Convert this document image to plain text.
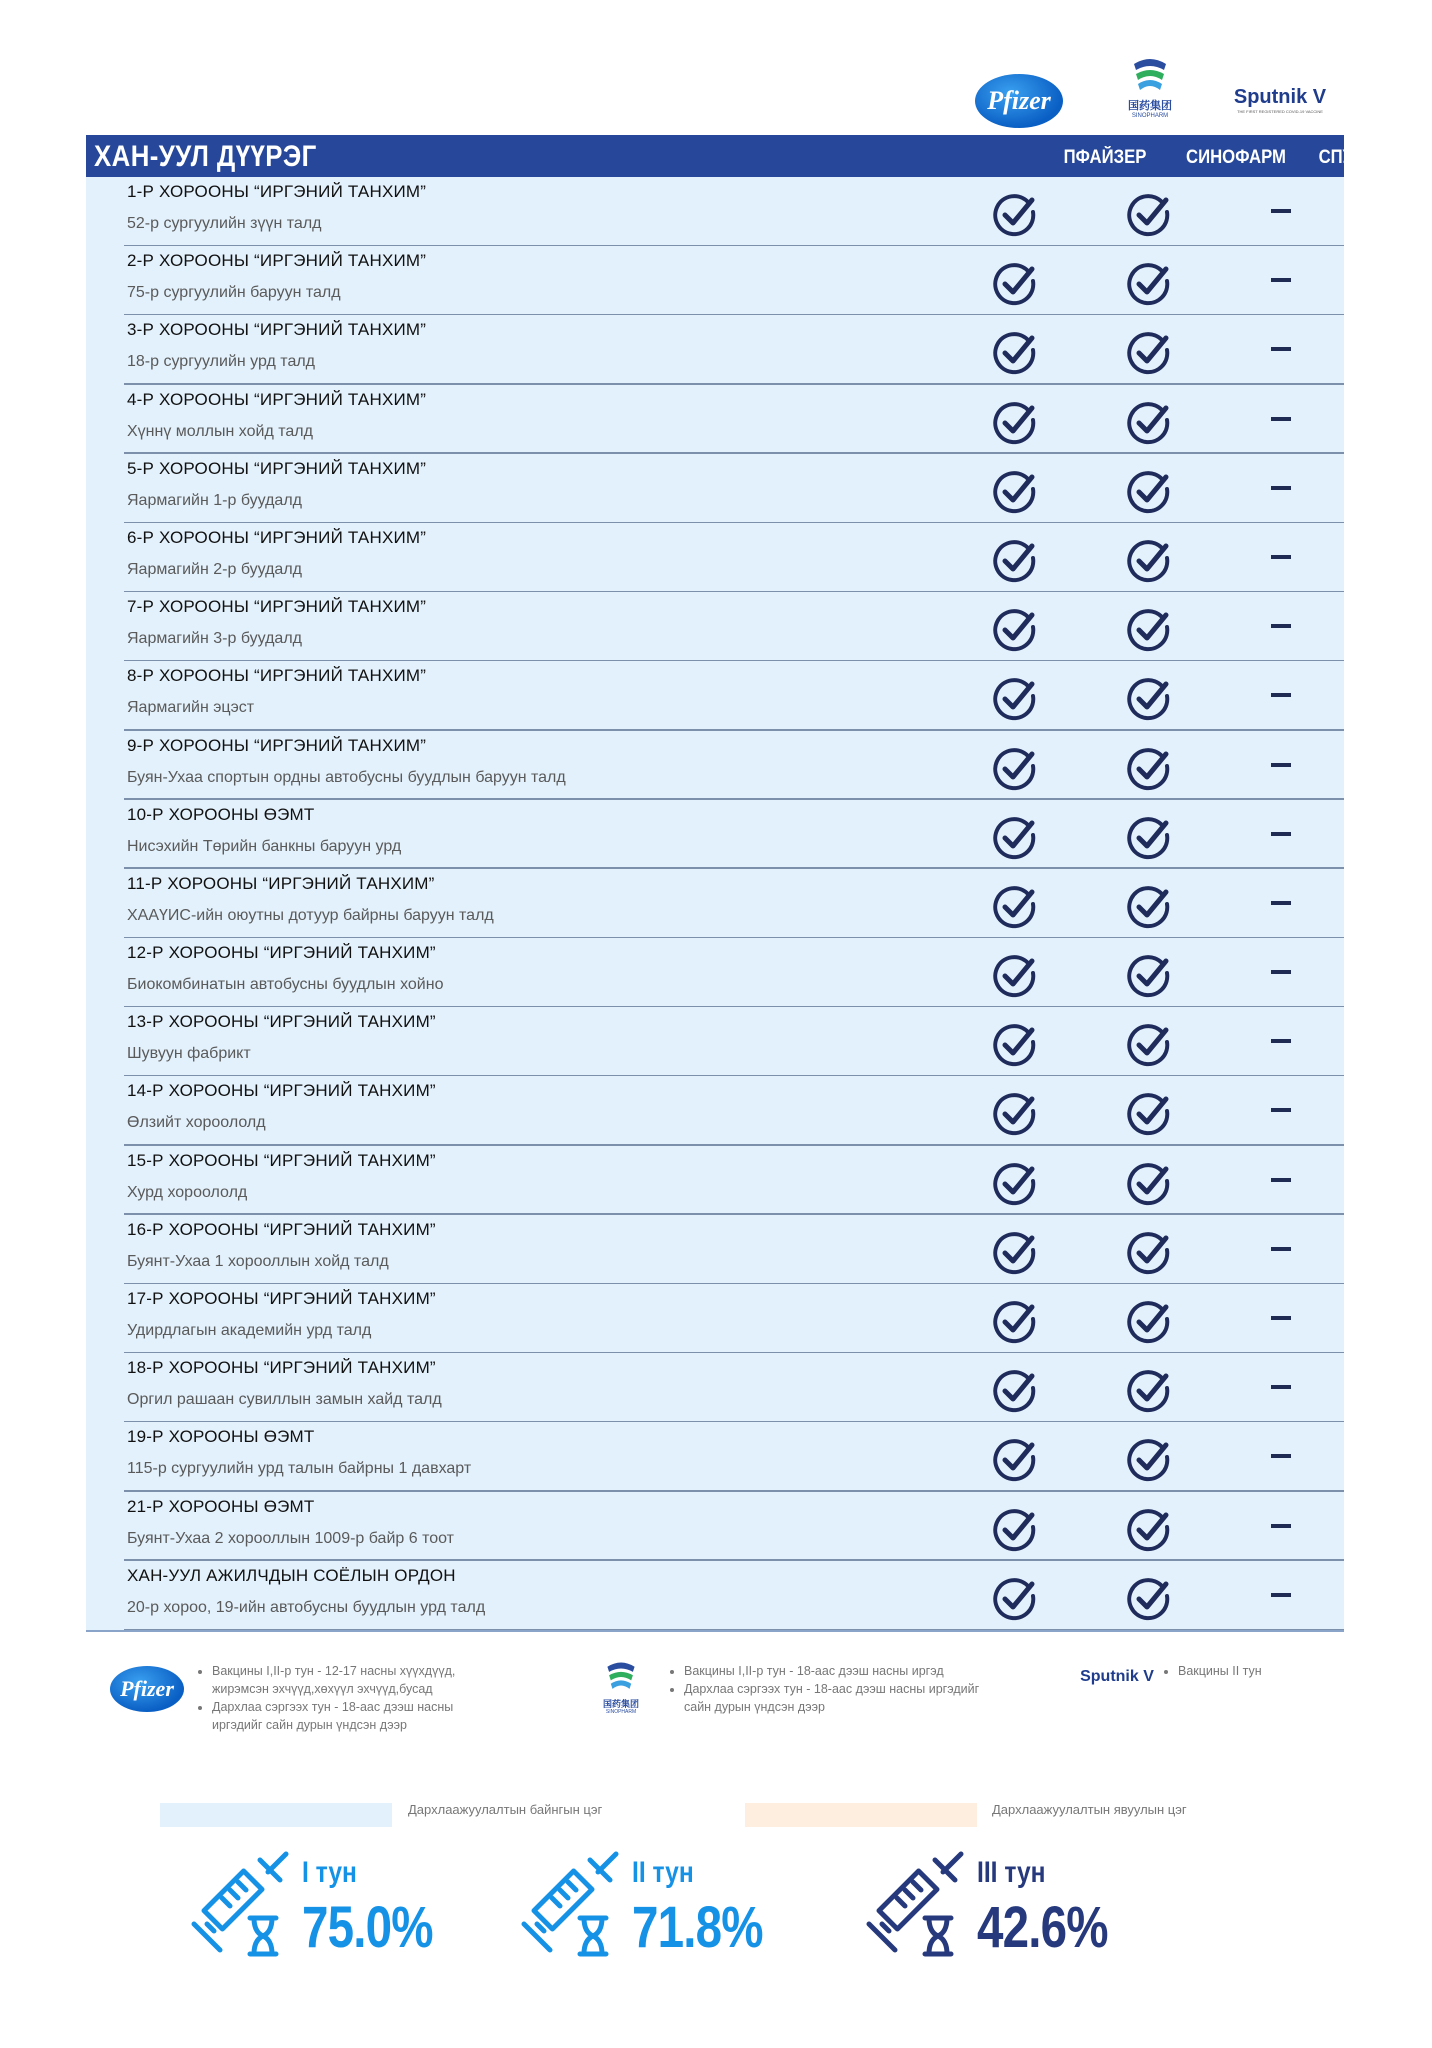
Pfizer	国药集团
SINOPHARM
Sputnik V
THE FIRST REGISTERED COVID-19 VACCINE
ХАН-УУЛ ДҮҮРЭГ	ПФАЙЗЕР	СИНОФАРМ СПУТНИК V
1-Р ХОРООНЫ “ИРГЭНИЙ ТАНХИМ”
52-р сургуулийн зүүн талд
2-Р ХОРООНЫ “ИРГЭНИЙ ТАНХИМ”
75-р сургуулийн баруун талд
3-Р ХОРООНЫ “ИРГЭНИЙ ТАНХИМ”
18-р сургуулийн урд талд
4-Р ХОРООНЫ “ИРГЭНИЙ ТАНХИМ”
Хүннү моллын хойд талд
5-Р ХОРООНЫ “ИРГЭНИЙ ТАНХИМ”
Яармагийн 1-р буудалд
6-Р ХОРООНЫ “ИРГЭНИЙ ТАНХИМ”
Яармагийн 2-р буудалд
7-Р ХОРООНЫ “ИРГЭНИЙ ТАНХИМ”
Яармагийн 3-р буудалд
8-Р ХОРООНЫ “ИРГЭНИЙ ТАНХИМ”
Яармагийн эцэст
9-Р ХОРООНЫ “ИРГЭНИЙ ТАНХИМ”
Буян-Ухаа спортын ордны автобусны буудлын баруун талд
10-Р ХОРООНЫ ӨЭМТ
Нисэхийн Төрийн банкны баруун урд
11-Р ХОРООНЫ “ИРГЭНИЙ ТАНХИМ”
ХААҮИС-ийн оюутны дотуур байрны баруун талд
12-Р ХОРООНЫ “ИРГЭНИЙ ТАНХИМ”
Биокомбинатын автобусны буудлын хойно
13-Р ХОРООНЫ “ИРГЭНИЙ ТАНХИМ”
Шувуун фабрикт
14-Р ХОРООНЫ “ИРГЭНИЙ ТАНХИМ”
Өлзийт хороололд
15-Р ХОРООНЫ “ИРГЭНИЙ ТАНХИМ”
Хурд хороололд
16-Р ХОРООНЫ “ИРГЭНИЙ ТАНХИМ”
Буянт-Ухаа 1 хорооллын хойд талд
17-Р ХОРООНЫ “ИРГЭНИЙ ТАНХИМ”
Удирдлагын академийн урд талд
18-Р ХОРООНЫ “ИРГЭНИЙ ТАНХИМ”
Оргил рашаан сувиллын замын хайд талд
19-Р ХОРООНЫ ӨЭМТ
115-р сургуулийн урд талын байрны 1 давхарт
21-Р ХОРООНЫ ӨЭМТ
Буянт-Ухаа 2 хорооллын 1009-р байр 6 тоот
ХАН-УУЛ АЖИЛЧДЫН СОЁЛЫН ОРДОН
20-р хороо, 19-ийн автобусны буудлын урд талд
Pfizer
• Вакцины I,II-р тун - 12-17 насны хүүхдүүд, жирэмсэн эхчүүд,хөхүүл эхчүүд,бусад
• Дархлаа сэргээх тун - 18-аас дээш насны иргэдийг сайн дурын үндсэн дээр
国药集团
SINOPHARM
• Вакцины I,II-р тун - 18-аас дээш насны иргэд
• Дархлаа сэргээх тун - 18-аас дээш насны иргэдийг сайн дурын үндсэн дээр
Sputnik V
•	Вакцины II тун
Дархлаажуулалтын байнгын цэг	Дархлаажуулалтын явуулын цэг
I тун
75.0%
II тун
71.8%
III тун
42.6%
